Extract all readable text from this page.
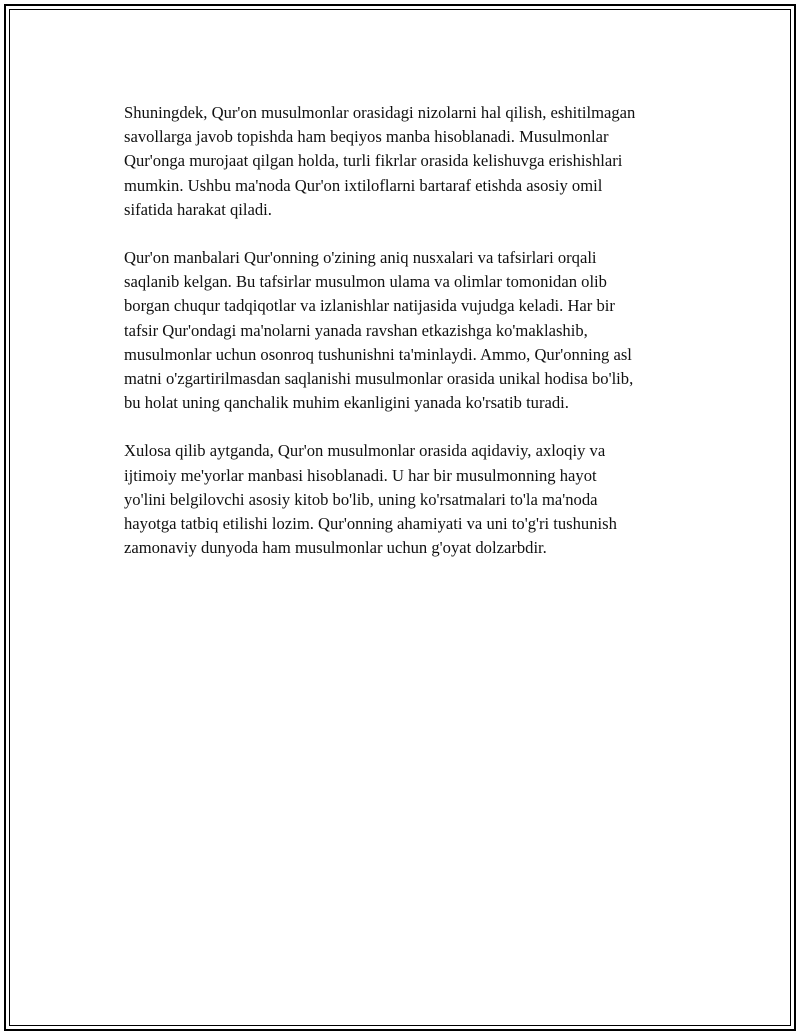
Shuningdek, Qur'on musulmonlar orasidagi nizolarni hal qilish, eshitilmagan
savollarga javob topishda ham beqiyos manba hisoblanadi. Musulmonlar
Qur'onga murojaat qilgan holda, turli fikrlar orasida kelishuvga erishishlari
mumkin. Ushbu ma'noda Qur'on ixtiloflarni bartaraf etishda asosiy omil
sifatida harakat qiladi.

Qur'on manbalari Qur'onning o'zining aniq nusxalari va tafsirlari orqali
saqlanib kelgan. Bu tafsirlar musulmon ulama va olimlar tomonidan olib
borgan chuqur tadqiqotlar va izlanishlar natijasida vujudga keladi. Har bir
tafsir Qur'ondagi ma'nolarni yanada ravshan etkazishga ko'maklashib,
musulmonlar uchun osonroq tushunishni ta'minlaydi. Ammo, Qur'onning asl
matni o'zgartirilmasdan saqlanishi musulmonlar orasida unikal hodisa bo'lib,
bu holat uning qanchalik muhim ekanligini yanada ko'rsatib turadi.

Xulosa qilib aytganda, Qur'on musulmonlar orasida aqidaviy, axloqiy va
ijtimoiy me'yorlar manbasi hisoblanadi. U har bir musulmonning hayot
yo'lini belgilovchi asosiy kitob bo'lib, uning ko'rsatmalari to'la ma'noda
hayotga tatbiq etilishi lozim. Qur'onning ahamiyati va uni to'g'ri tushunish
zamonaviy dunyoda ham musulmonlar uchun g'oyat dolzarbdir.
